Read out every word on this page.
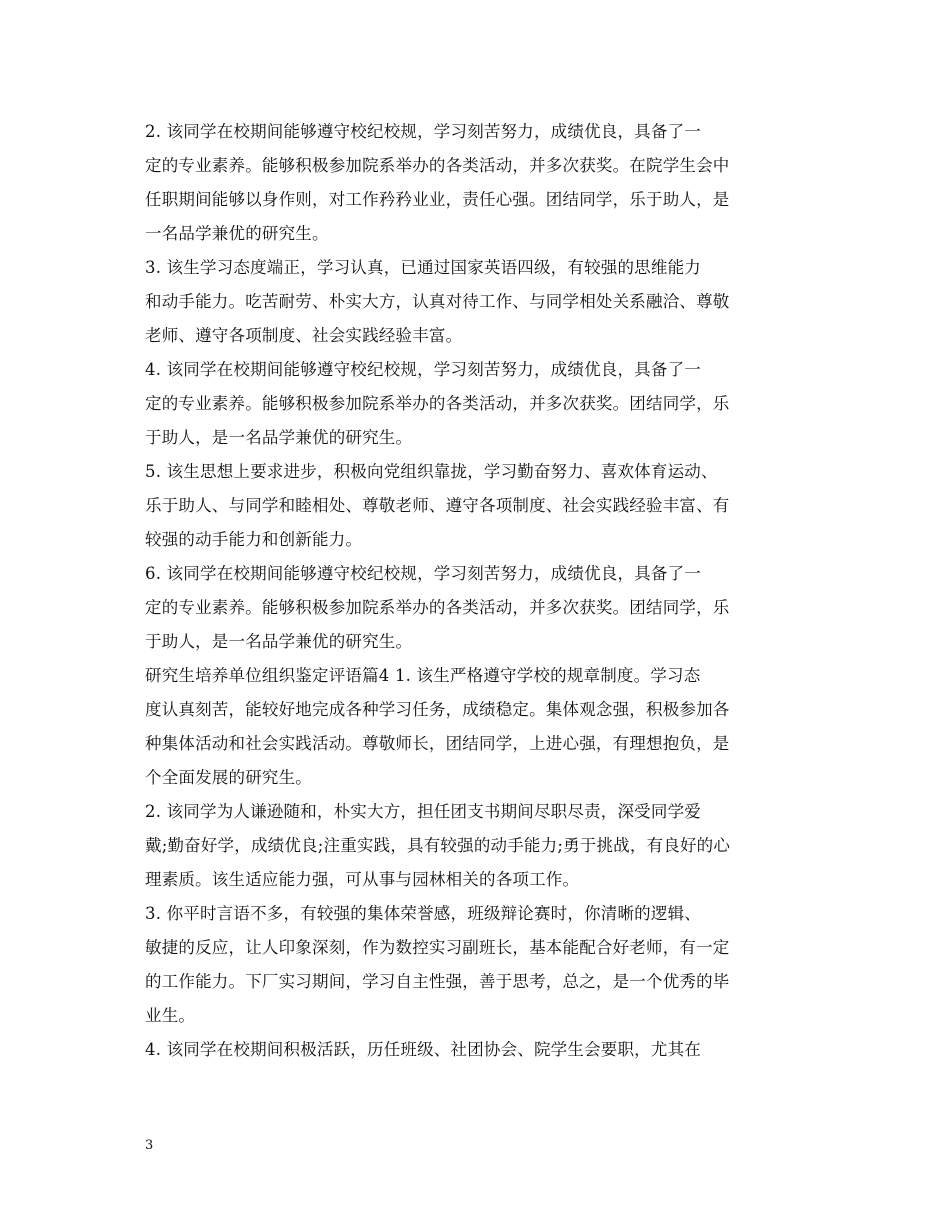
2. 该同学在校期间能够遵守校纪校规，学习刻苦努力，成绩优良，具备了一
定的专业素养。能够积极参加院系举办的各类活动，并多次获奖。在院学生会中
任职期间能够以身作则，对工作矜矜业业，责任心强。团结同学，乐于助人，是
一名品学兼优的研究生。
3. 该生学习态度端正，学习认真，已通过国家英语四级，有较强的思维能力
和动手能力。吃苦耐劳、朴实大方，认真对待工作、与同学相处关系融洽、尊敬
老师、遵守各项制度、社会实践经验丰富。
4. 该同学在校期间能够遵守校纪校规，学习刻苦努力，成绩优良，具备了一
定的专业素养。能够积极参加院系举办的各类活动，并多次获奖。团结同学，乐
于助人，是一名品学兼优的研究生。
5. 该生思想上要求进步，积极向党组织靠拢，学习勤奋努力、喜欢体育运动、
乐于助人、与同学和睦相处、尊敬老师、遵守各项制度、社会实践经验丰富、有
较强的动手能力和创新能力。
6. 该同学在校期间能够遵守校纪校规，学习刻苦努力，成绩优良，具备了一
定的专业素养。能够积极参加院系举办的各类活动，并多次获奖。团结同学，乐
于助人，是一名品学兼优的研究生。
研究生培养单位组织鉴定评语篇4 1. 该生严格遵守学校的规章制度。学习态
度认真刻苦，能较好地完成各种学习任务，成绩稳定。集体观念强，积极参加各
种集体活动和社会实践活动。尊敬师长，团结同学，上进心强，有理想抱负，是
个全面发展的研究生。
2. 该同学为人谦逊随和，朴实大方，担任团支书期间尽职尽责，深受同学爱
戴;勤奋好学，成绩优良;注重实践，具有较强的动手能力;勇于挑战，有良好的心
理素质。该生适应能力强，可从事与园林相关的各项工作。
3. 你平时言语不多，有较强的集体荣誉感，班级辩论赛时，你清晰的逻辑、
敏捷的反应，让人印象深刻，作为数控实习副班长，基本能配合好老师，有一定
的工作能力。下厂实习期间，学习自主性强，善于思考，总之，是一个优秀的毕
业生。
4. 该同学在校期间积极活跃，历任班级、社团协会、院学生会要职，尤其在
3
